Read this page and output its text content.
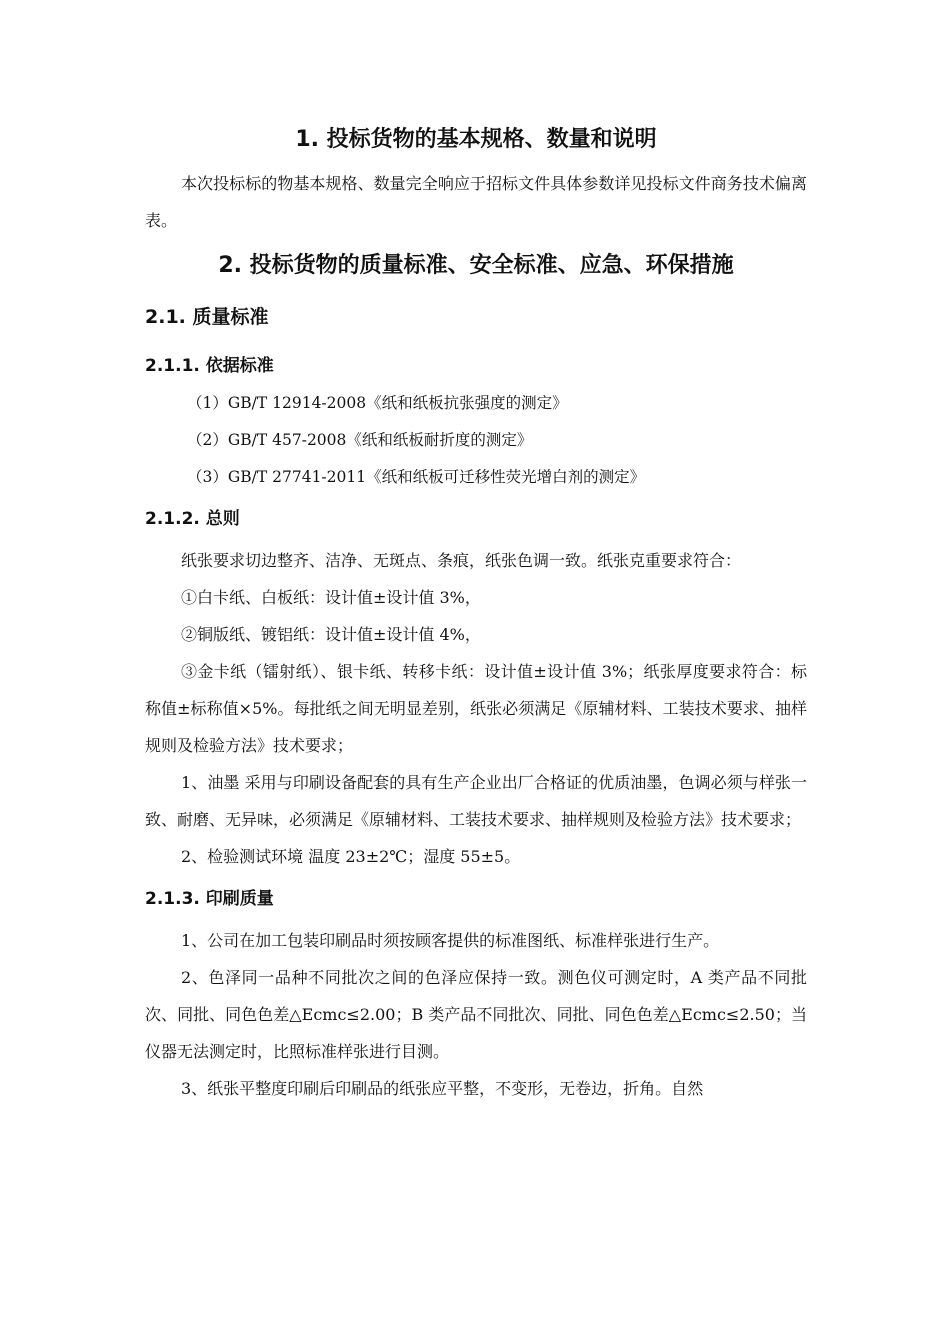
1. 投标货物的基本规格、数量和说明

本次投标标的物基本规格、数量完全响应于招标文件具体参数详见投标文件商务技术偏离表。

2. 投标货物的质量标准、安全标准、应急、环保措施
2.1. 质量标准
2.1.1. 依据标准

（1）GB/T 12914-2008《纸和纸板抗张强度的测定》

（2）GB/T 457-2008《纸和纸板耐折度的测定》

（3）GB/T 27741-2011《纸和纸板可迁移性荧光增白剂的测定》

2.1.2. 总则

纸张要求切边整齐、洁净、无斑点、条痕，纸张色调一致。纸张克重要求符合：

①白卡纸、白板纸：设计值±设计值 3%，

②铜版纸、镀铝纸：设计值±设计值 4%，

③金卡纸（镭射纸）、银卡纸、转移卡纸：设计值±设计值 3%；纸张厚度要求符合：标称值±标称值×5%。每批纸之间无明显差别，纸张必须满足《原辅材料、工装技术要求、抽样规则及检验方法》技术要求；

1、油墨 采用与印刷设备配套的具有生产企业出厂合格证的优质油墨，色调必须与样张一致、耐磨、无异味，必须满足《原辅材料、工装技术要求、抽样规则及检验方法》技术要求；

2、检验测试环境 温度 23±2℃；湿度 55±5。

2.1.3. 印刷质量

1、公司在加工包装印刷品时须按顾客提供的标准图纸、标准样张进行生产。

2、色泽同一品种不同批次之间的色泽应保持一致。测色仪可测定时，A 类产品不同批次、同批、同色色差△Ecmc≤2.00；B 类产品不同批次、同批、同色色差△Ecmc≤2.50；当仪器无法测定时，比照标准样张进行目测。

3、纸张平整度印刷后印刷品的纸张应平整，不变形，无卷边，折角。自然
